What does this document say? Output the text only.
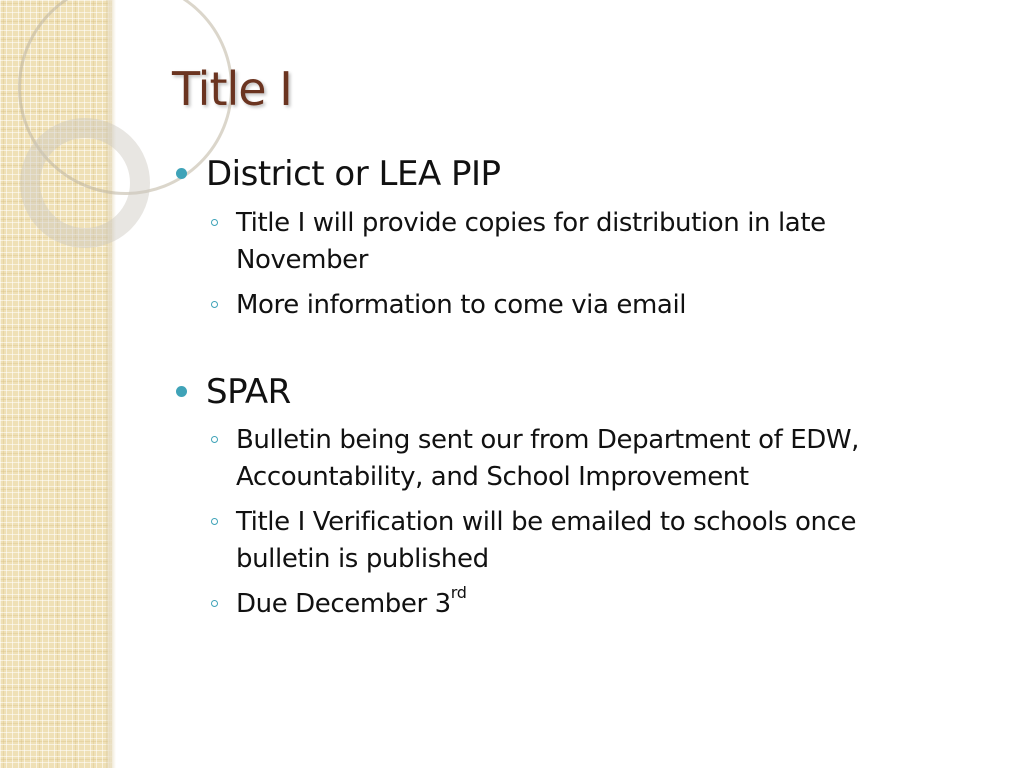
Title I
District or LEA PIP
Title I will provide copies for distribution in late November
More information to come via email
SPAR
Bulletin being sent our from Department of EDW, Accountability, and School Improvement
Title I Verification will be emailed to schools once bulletin is published
Due December 3rd
